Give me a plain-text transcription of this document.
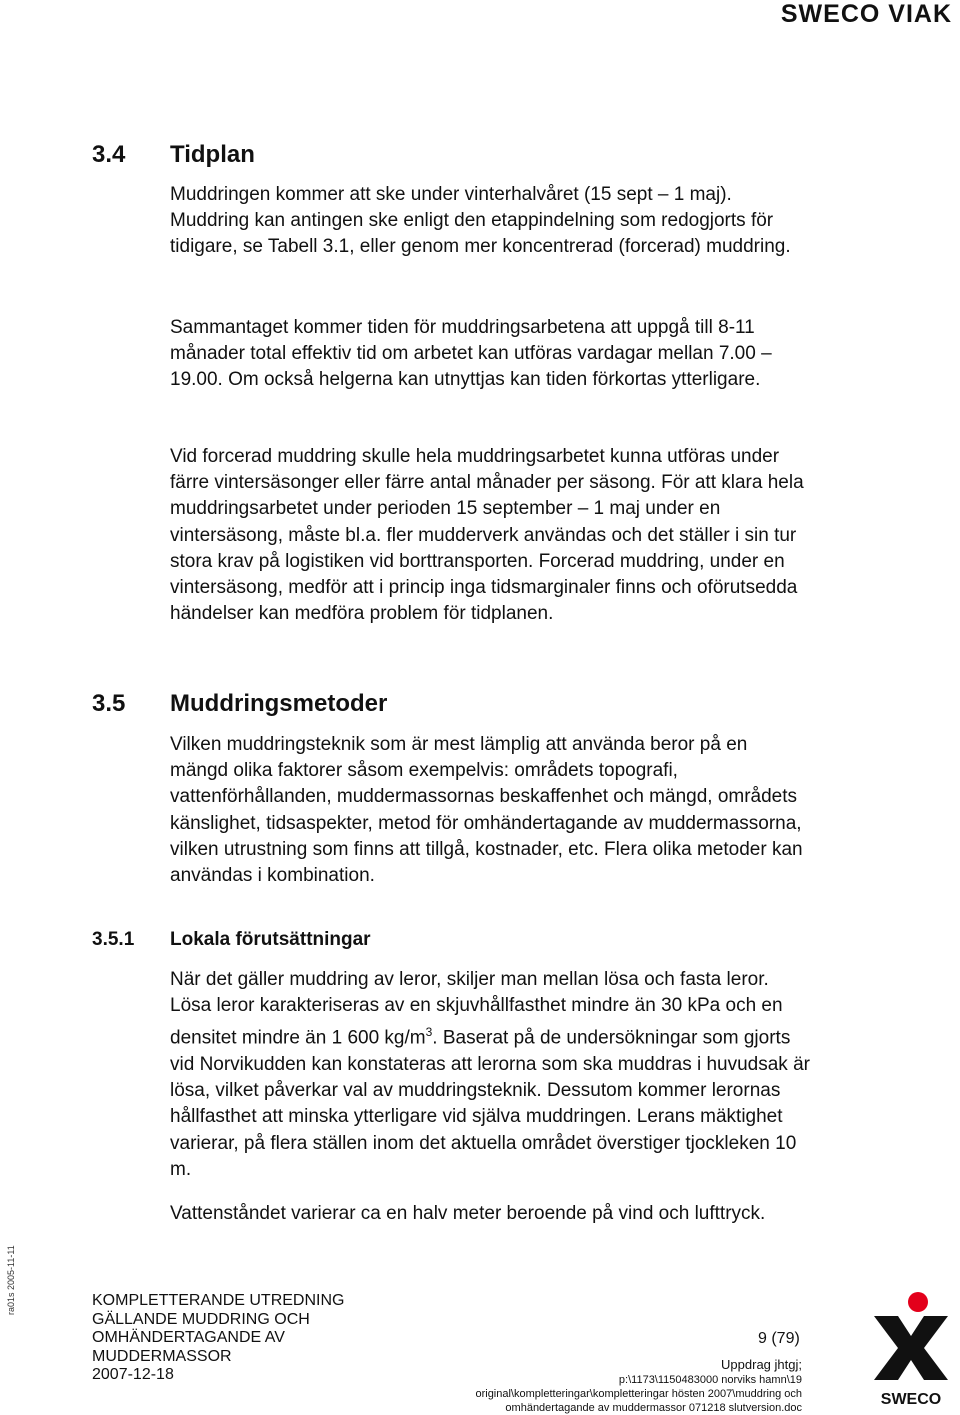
SWECO VIAK
3.4 Tidplan

Muddringen kommer att ske under vinterhalvåret (15 sept – 1 maj). Muddring kan antingen ske enligt den etappindelning som redogjorts för tidigare, se Tabell 3.1, eller genom mer koncentrerad (forcerad) muddring.

Sammantaget kommer tiden för muddringsarbetena att uppgå till 8-11 månader total effektiv tid om arbetet kan utföras vardagar mellan 7.00 – 19.00. Om också helgerna kan utnyttjas kan tiden förkortas ytterligare.

Vid forcerad muddring skulle hela muddringsarbetet kunna utföras under färre vintersäsonger eller färre antal månader per säsong. För att klara hela muddringsarbetet under perioden 15 september – 1 maj under en vintersäsong, måste bl.a. fler mudderverk användas och det ställer i sin tur stora krav på logistiken vid borttransporten. Forcerad muddring, under en vintersäsong, medför att i princip inga tidsmarginaler finns och oförutsedda händelser kan medföra problem för tidplanen.

3.5 Muddringsmetoder

Vilken muddringsteknik som är mest lämplig att använda beror på en mängd olika faktorer såsom exempelvis: områdets topografi, vattenförhållanden, muddermassornas beskaffenhet och mängd, områdets känslighet, tidsaspekter, metod för omhändertagande av muddermassorna, vilken utrustning som finns att tillgå, kostnader, etc. Flera olika metoder kan användas i kombination.

3.5.1 Lokala förutsättningar

När det gäller muddring av leror, skiljer man mellan lösa och fasta leror. Lösa leror karakteriseras av en skjuvhållfasthet mindre än 30 kPa och en densitet mindre än 1 600 $kg/m^3$. Baserat på de undersökningar som gjorts vid Norvikudden kan konstateras att lerorna som ska muddras i huvudsak är lösa, vilket påverkar val av muddringsteknik. Dessutom kommer lerornas hållfasthet att minska ytterligare vid själva muddringen. Lerans mäktighet varierar, på flera ställen inom det aktuella området överstiger tjockleken 10 m.

Vattenståndet varierar ca en halv meter beroende på vind och lufttryck.

ra01s 2005-11-11	KOMPLETTERANDE UTREDNING
GÄLLANDE MUDDRING OCH
OMHÄNDERTAGANDE AV
MUDDERMASSOR
2007-12-18
9 (79)
Uppdrag jhtgj;
p:\1173\1150483000 norviks hamn\19
original\kompletteringar\kompletteringar hösten 2007\muddring och
omhändertagande av muddermassor 071218 slutversion.doc	SWECO
